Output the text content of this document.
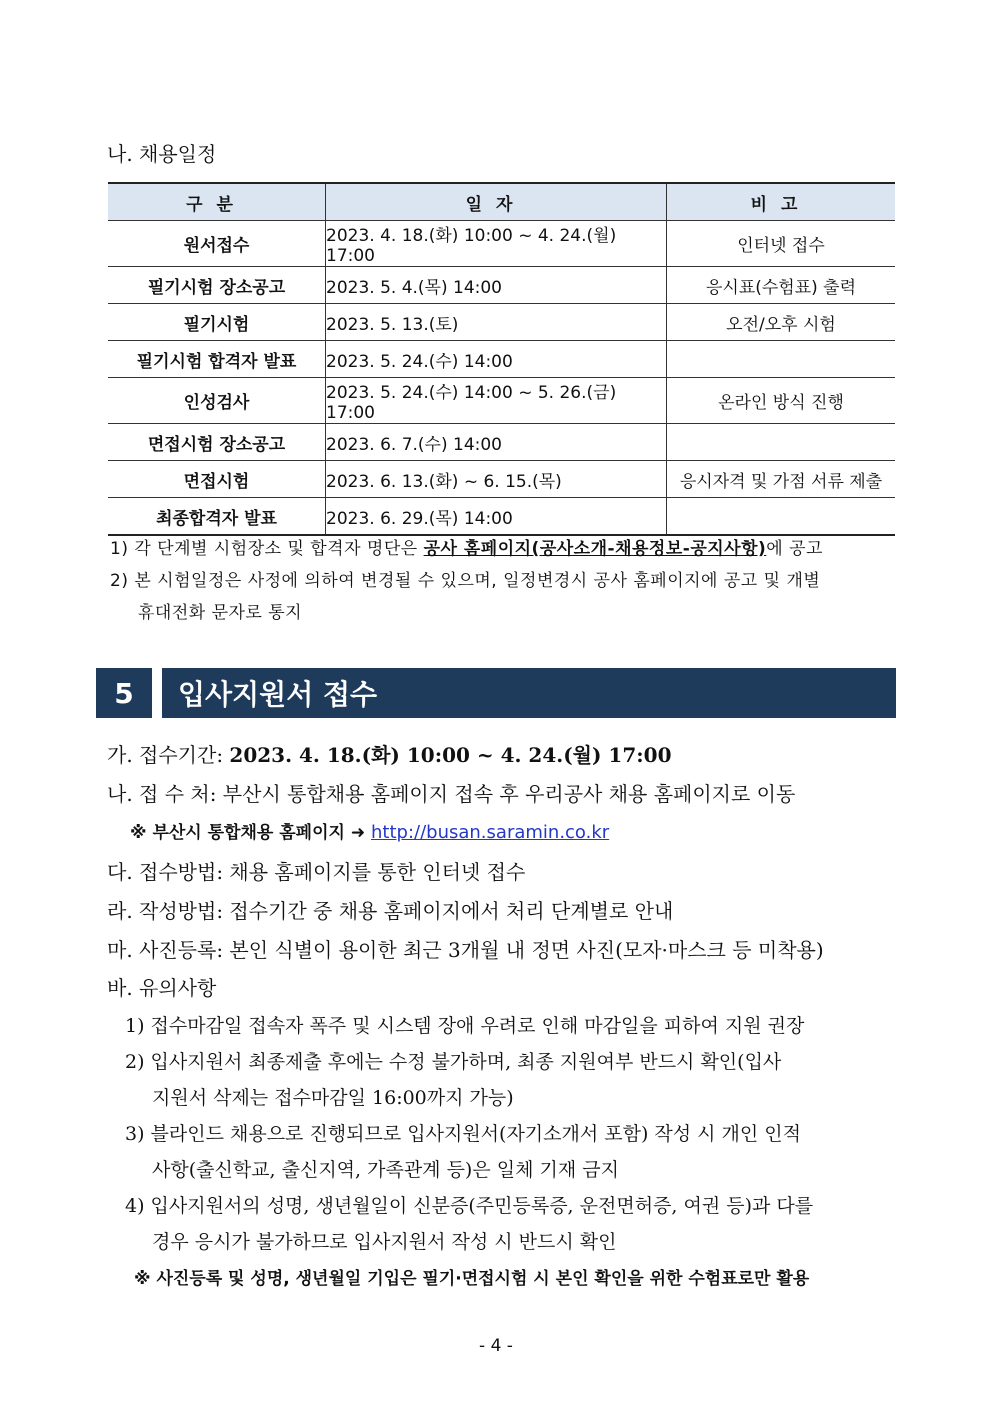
나. 채용일정
구분	일자	비고
원서접수	2023. 4. 18.(화) 10:00 ~ 4. 24.(월) 17:00	인터넷 접수
필기시험 장소공고	2023. 5. 4.(목) 14:00	응시표(수험표) 출력
필기시험	2023. 5. 13.(토)	오전/오후 시험
필기시험 합격자 발표	2023. 5. 24.(수) 14:00	
인성검사	2023. 5. 24.(수) 14:00 ~ 5. 26.(금) 17:00	온라인 방식 진행
면접시험 장소공고	2023. 6. 7.(수) 14:00	
면접시험	2023. 6. 13.(화) ~ 6. 15.(목)	응시자격 및 가점 서류 제출
최종합격자 발표	2023. 6. 29.(목) 14:00	
1) 각 단계별 시험장소 및 합격자 명단은 공사 홈페이지(공사소개-채용정보-공지사항)에 공고
2) 본 시험일정은 사정에 의하여 변경될 수 있으며, 일정변경시 공사 홈페이지에 공고 및 개별
휴대전화 문자로 통지
5	입사지원서 접수
가. 접수기간: 2023. 4. 18.(화) 10:00 ~ 4. 24.(월) 17:00
나. 접 수 처: 부산시 통합채용 홈페이지 접속 후 우리공사 채용 홈페이지로 이동
※ 부산시 통합채용 홈페이지 ➜ http://busan.saramin.co.kr
다. 접수방법: 채용 홈페이지를 통한 인터넷 접수
라. 작성방법: 접수기간 중 채용 홈페이지에서 처리 단계별로 안내
마. 사진등록: 본인 식별이 용이한 최근 3개월 내 정면 사진(모자·마스크 등 미착용)
바. 유의사항
1) 접수마감일 접속자 폭주 및 시스템 장애 우려로 인해 마감일을 피하여 지원 권장
2) 입사지원서 최종제출 후에는 수정 불가하며, 최종 지원여부 반드시 확인(입사
지원서 삭제는 접수마감일 16:00까지 가능)
3) 블라인드 채용으로 진행되므로 입사지원서(자기소개서 포함) 작성 시 개인 인적
사항(출신학교, 출신지역, 가족관계 등)은 일체 기재 금지
4) 입사지원서의 성명, 생년월일이 신분증(주민등록증, 운전면허증, 여권 등)과 다를
경우 응시가 불가하므로 입사지원서 작성 시 반드시 확인
※ 사진등록 및 성명, 생년월일 기입은 필기·면접시험 시 본인 확인을 위한 수험표로만 활용
- 4 -
